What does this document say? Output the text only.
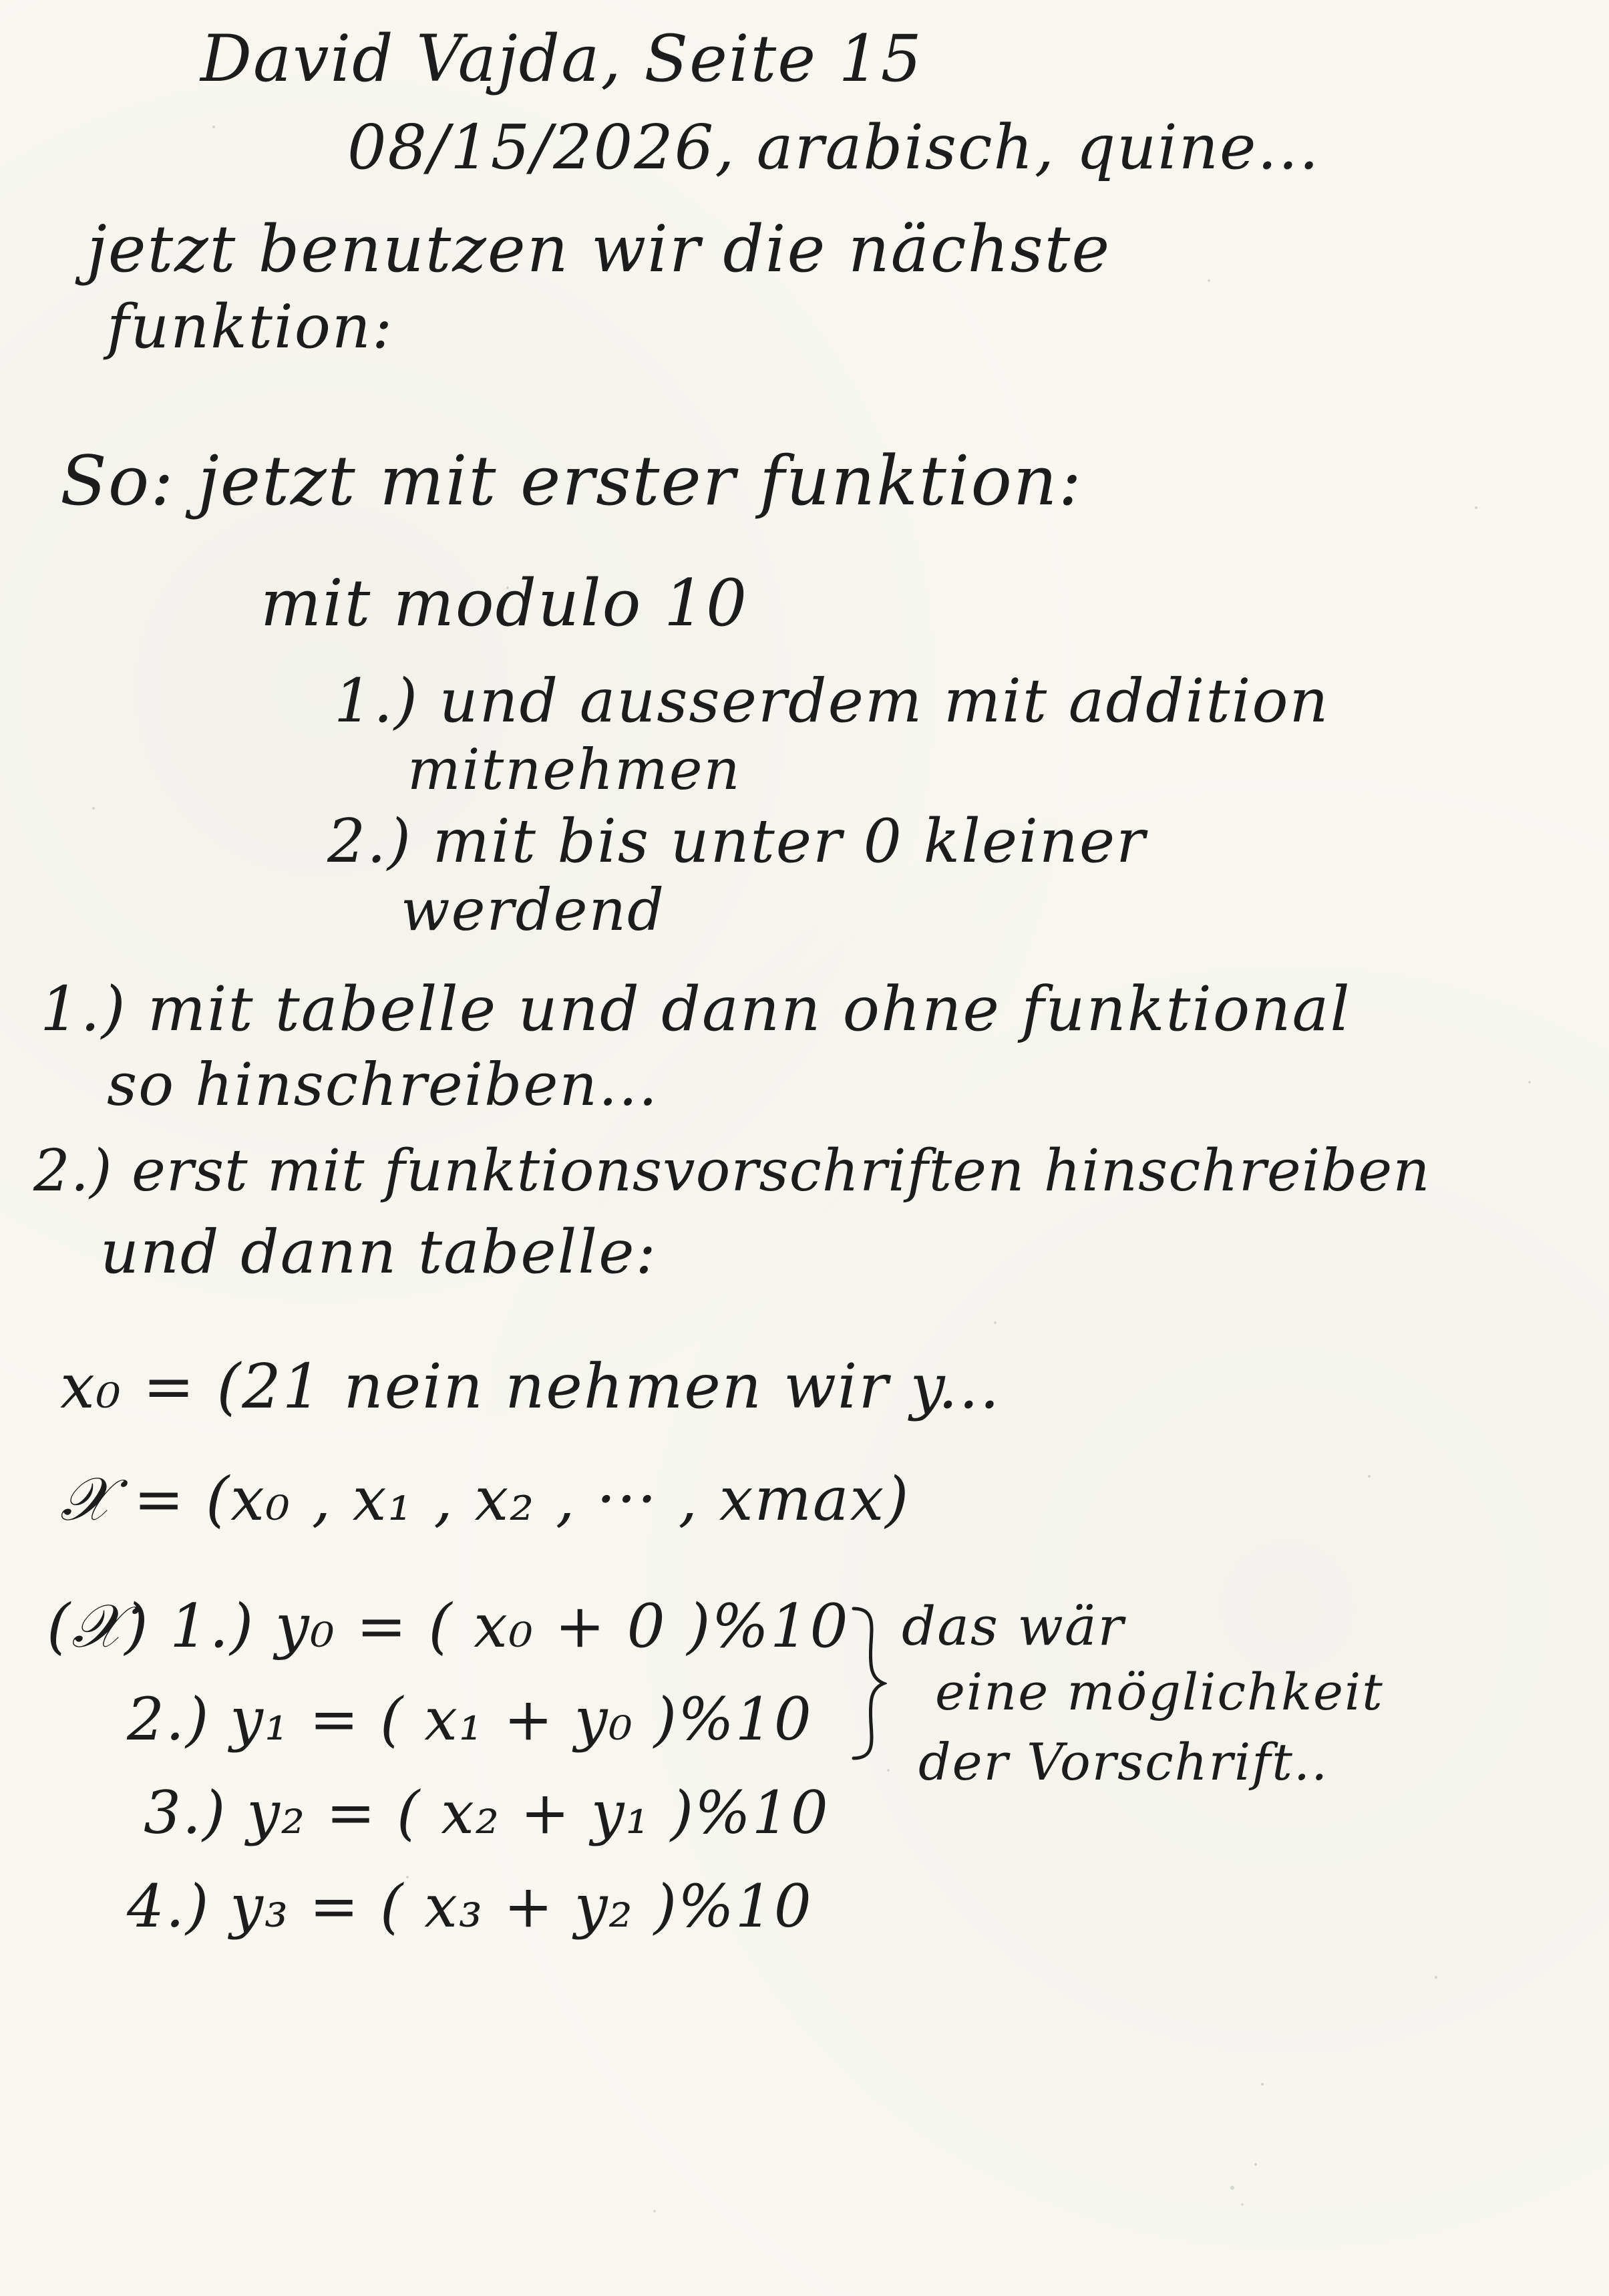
David Vajda, Seite 15

08/15/2026, arabisch, quine...

jetzt benutzen wir die nächste

funktion:

So: jetzt mit erster funktion:

mit modulo 10

1.) und ausserdem mit addition

mitnehmen

2.) mit bis unter 0 kleiner

werdend

1.) mit tabelle und dann ohne funktional

so hinschreiben...

2.) erst mit funktionsvorschriften hinschreiben

und dann tabelle:

x₀ = (21 nein nehmen wir y...

𝒳 = (x₀ , x₁ , x₂ , ··· , xmax)

(𝒳) 1.) y₀ = ( x₀ + 0 )%10

2.) y₁ = ( x₁ + y₀ )%10

3.) y₂ = ( x₂ + y₁ )%10

4.) y₃ = ( x₃ + y₂ )%10

das wär

eine möglichkeit

der Vorschrift..
